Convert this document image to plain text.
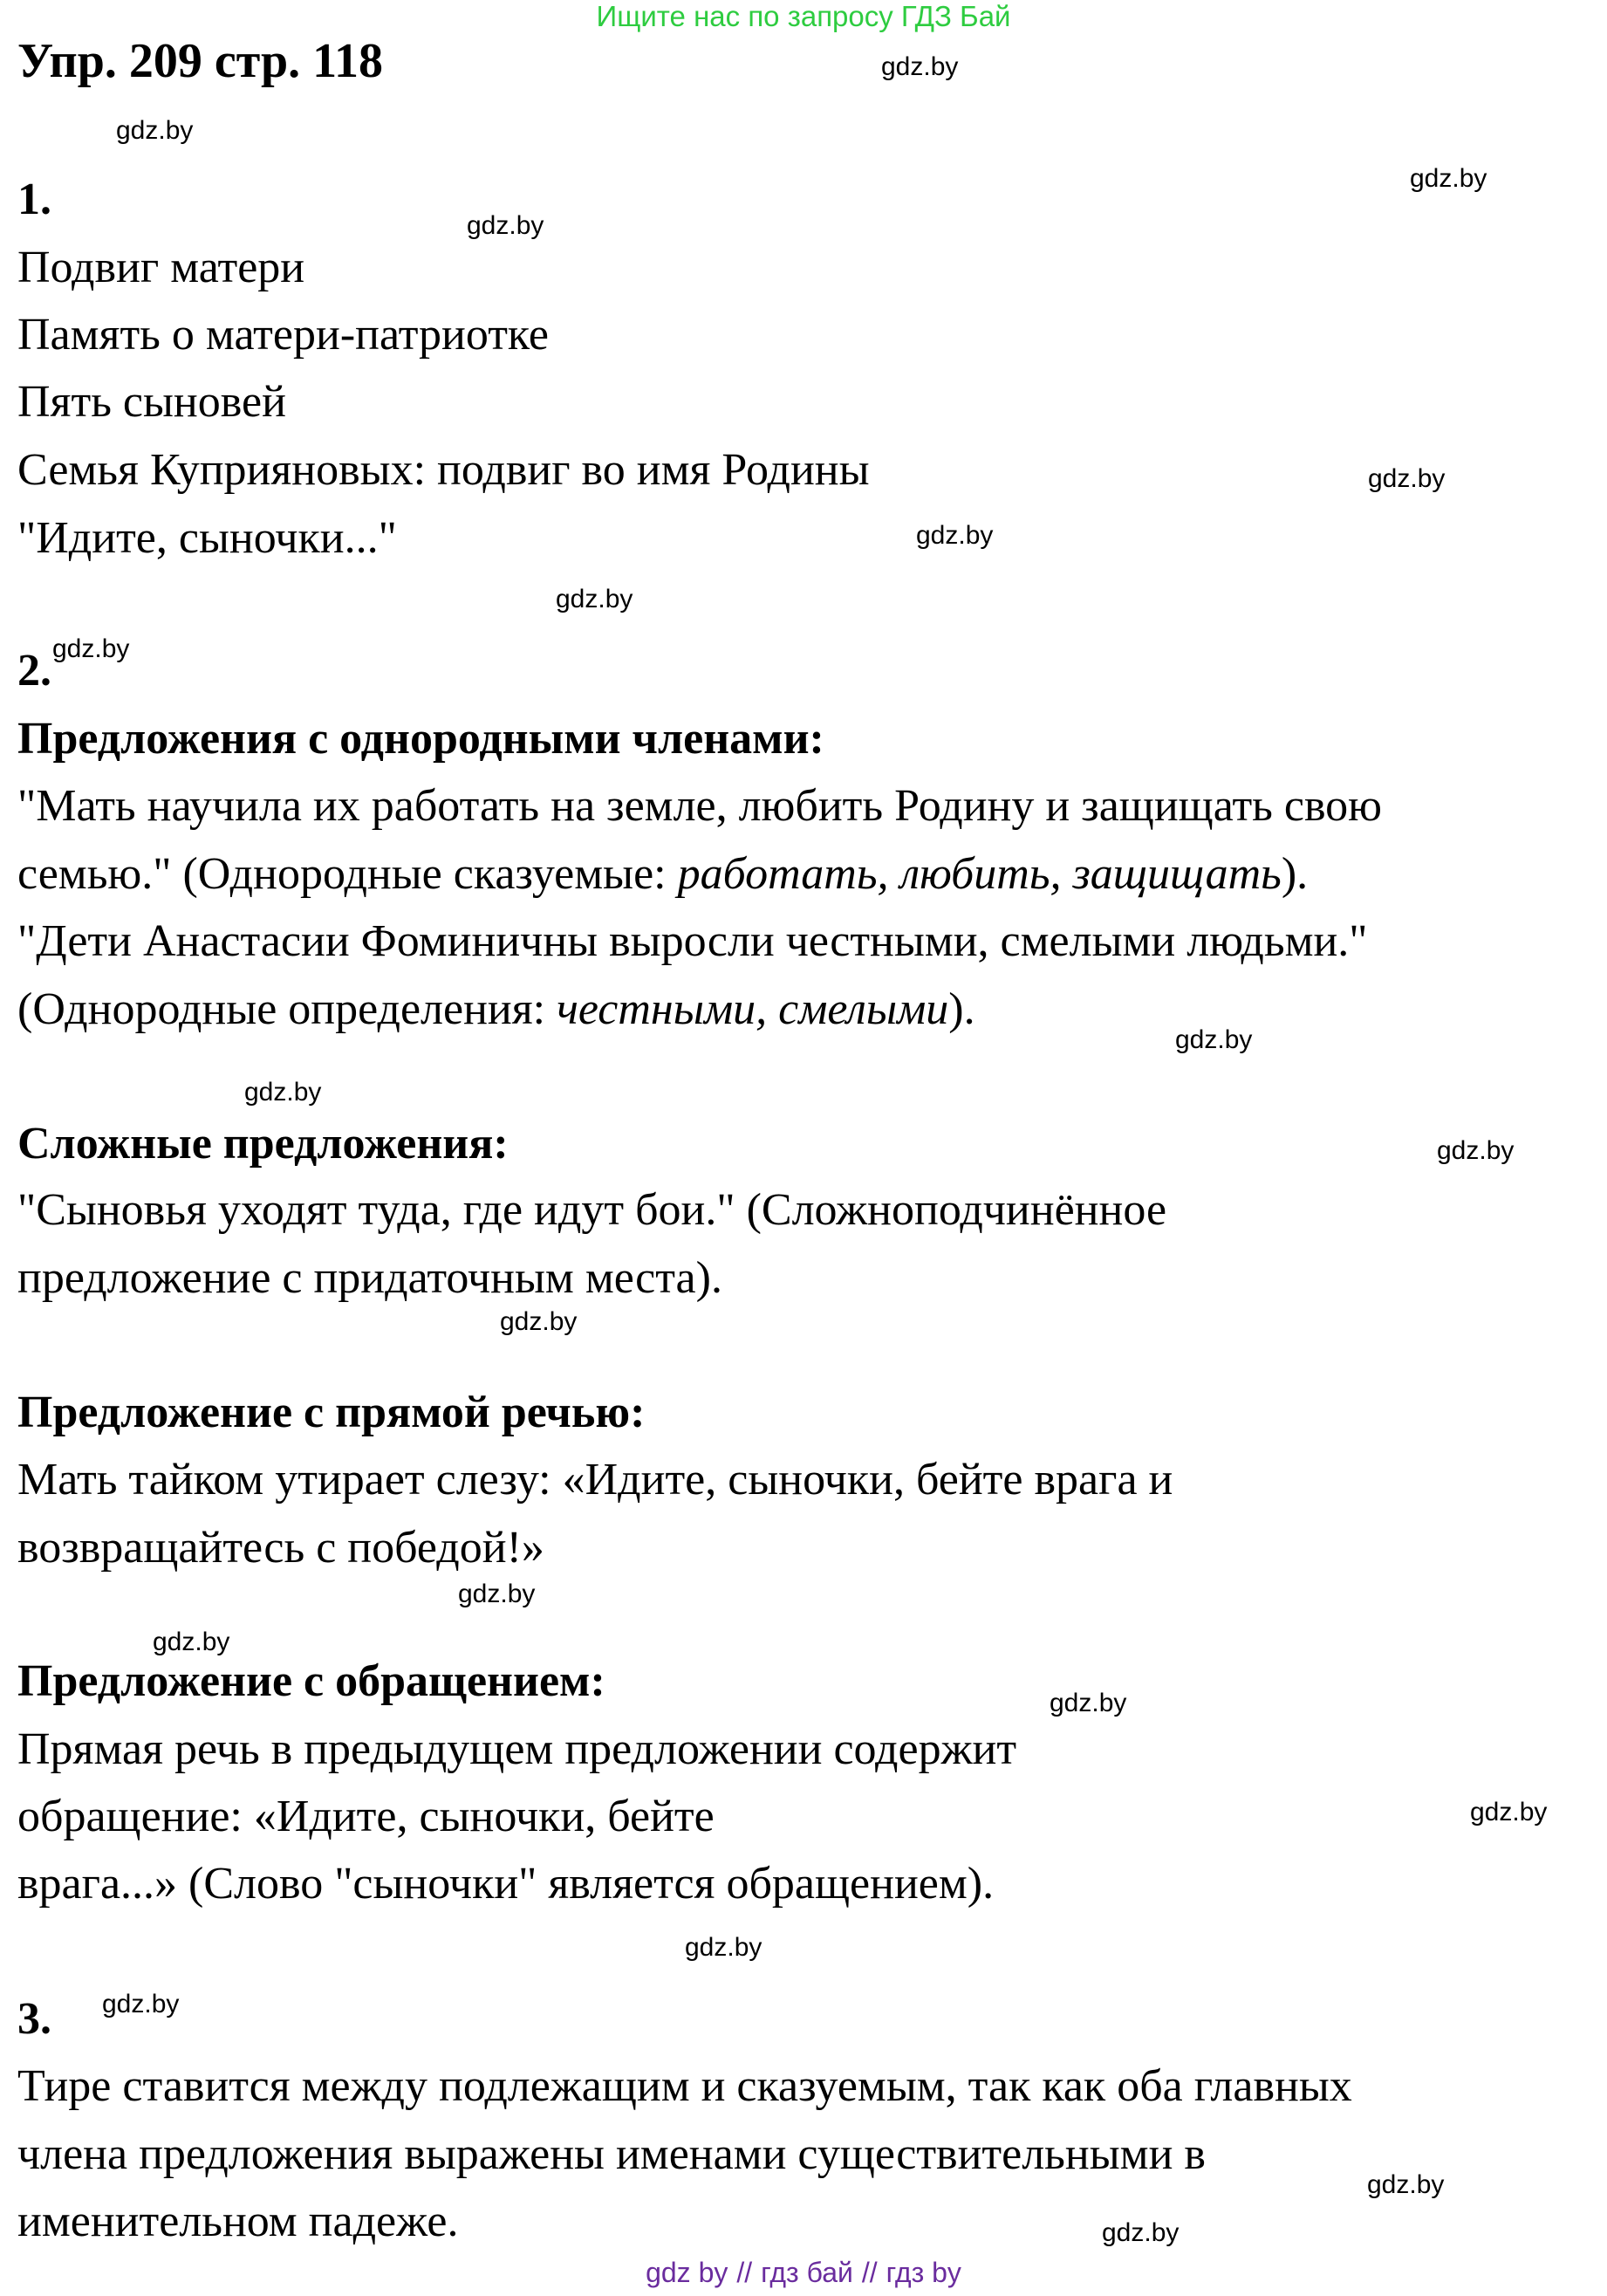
Ищите нас по запросу ГДЗ Бай
Упр. 209 стр. 118
1.
Подвиг матери
Память о матери-патриотке
Пять сыновей
Семья Куприяновых: подвиг во имя Родины
"Идите, сыночки..."
2.
Предложения с однородными членами:
"Мать научила их работать на земле, любить Родину и защищать свою
семью." (Однородные сказуемые: работать, любить, защищать).
"Дети Анастасии Фоминичны выросли честными, смелыми людьми."
(Однородные определения: честными, смелыми).
Сложные предложения:
"Сыновья уходят туда, где идут бои." (Сложноподчинённое
предложение с придаточным места).
Предложение с прямой речью:
Мать тайком утирает слезу: «Идите, сыночки, бейте врага и
возвращайтесь с победой!»
Предложение с обращением:
Прямая речь в предыдущем предложении содержит
обращение: «Идите, сыночки, бейте
врага...» (Слово "сыночки" является обращением).
3.
Тире ставится между подлежащим и сказуемым, так как оба главных
члена предложения выражены именами существительными в
именительном падеже.
gdz.by
gdz.by
gdz.by
gdz.by
gdz.by
gdz.by
gdz.by
gdz.by
gdz.by
gdz.by
gdz.by
gdz.by
gdz.by
gdz.by
gdz.by
gdz.by
gdz.by
gdz.by
gdz.by
gdz.by
gdz by // гдз бай // гдз by
